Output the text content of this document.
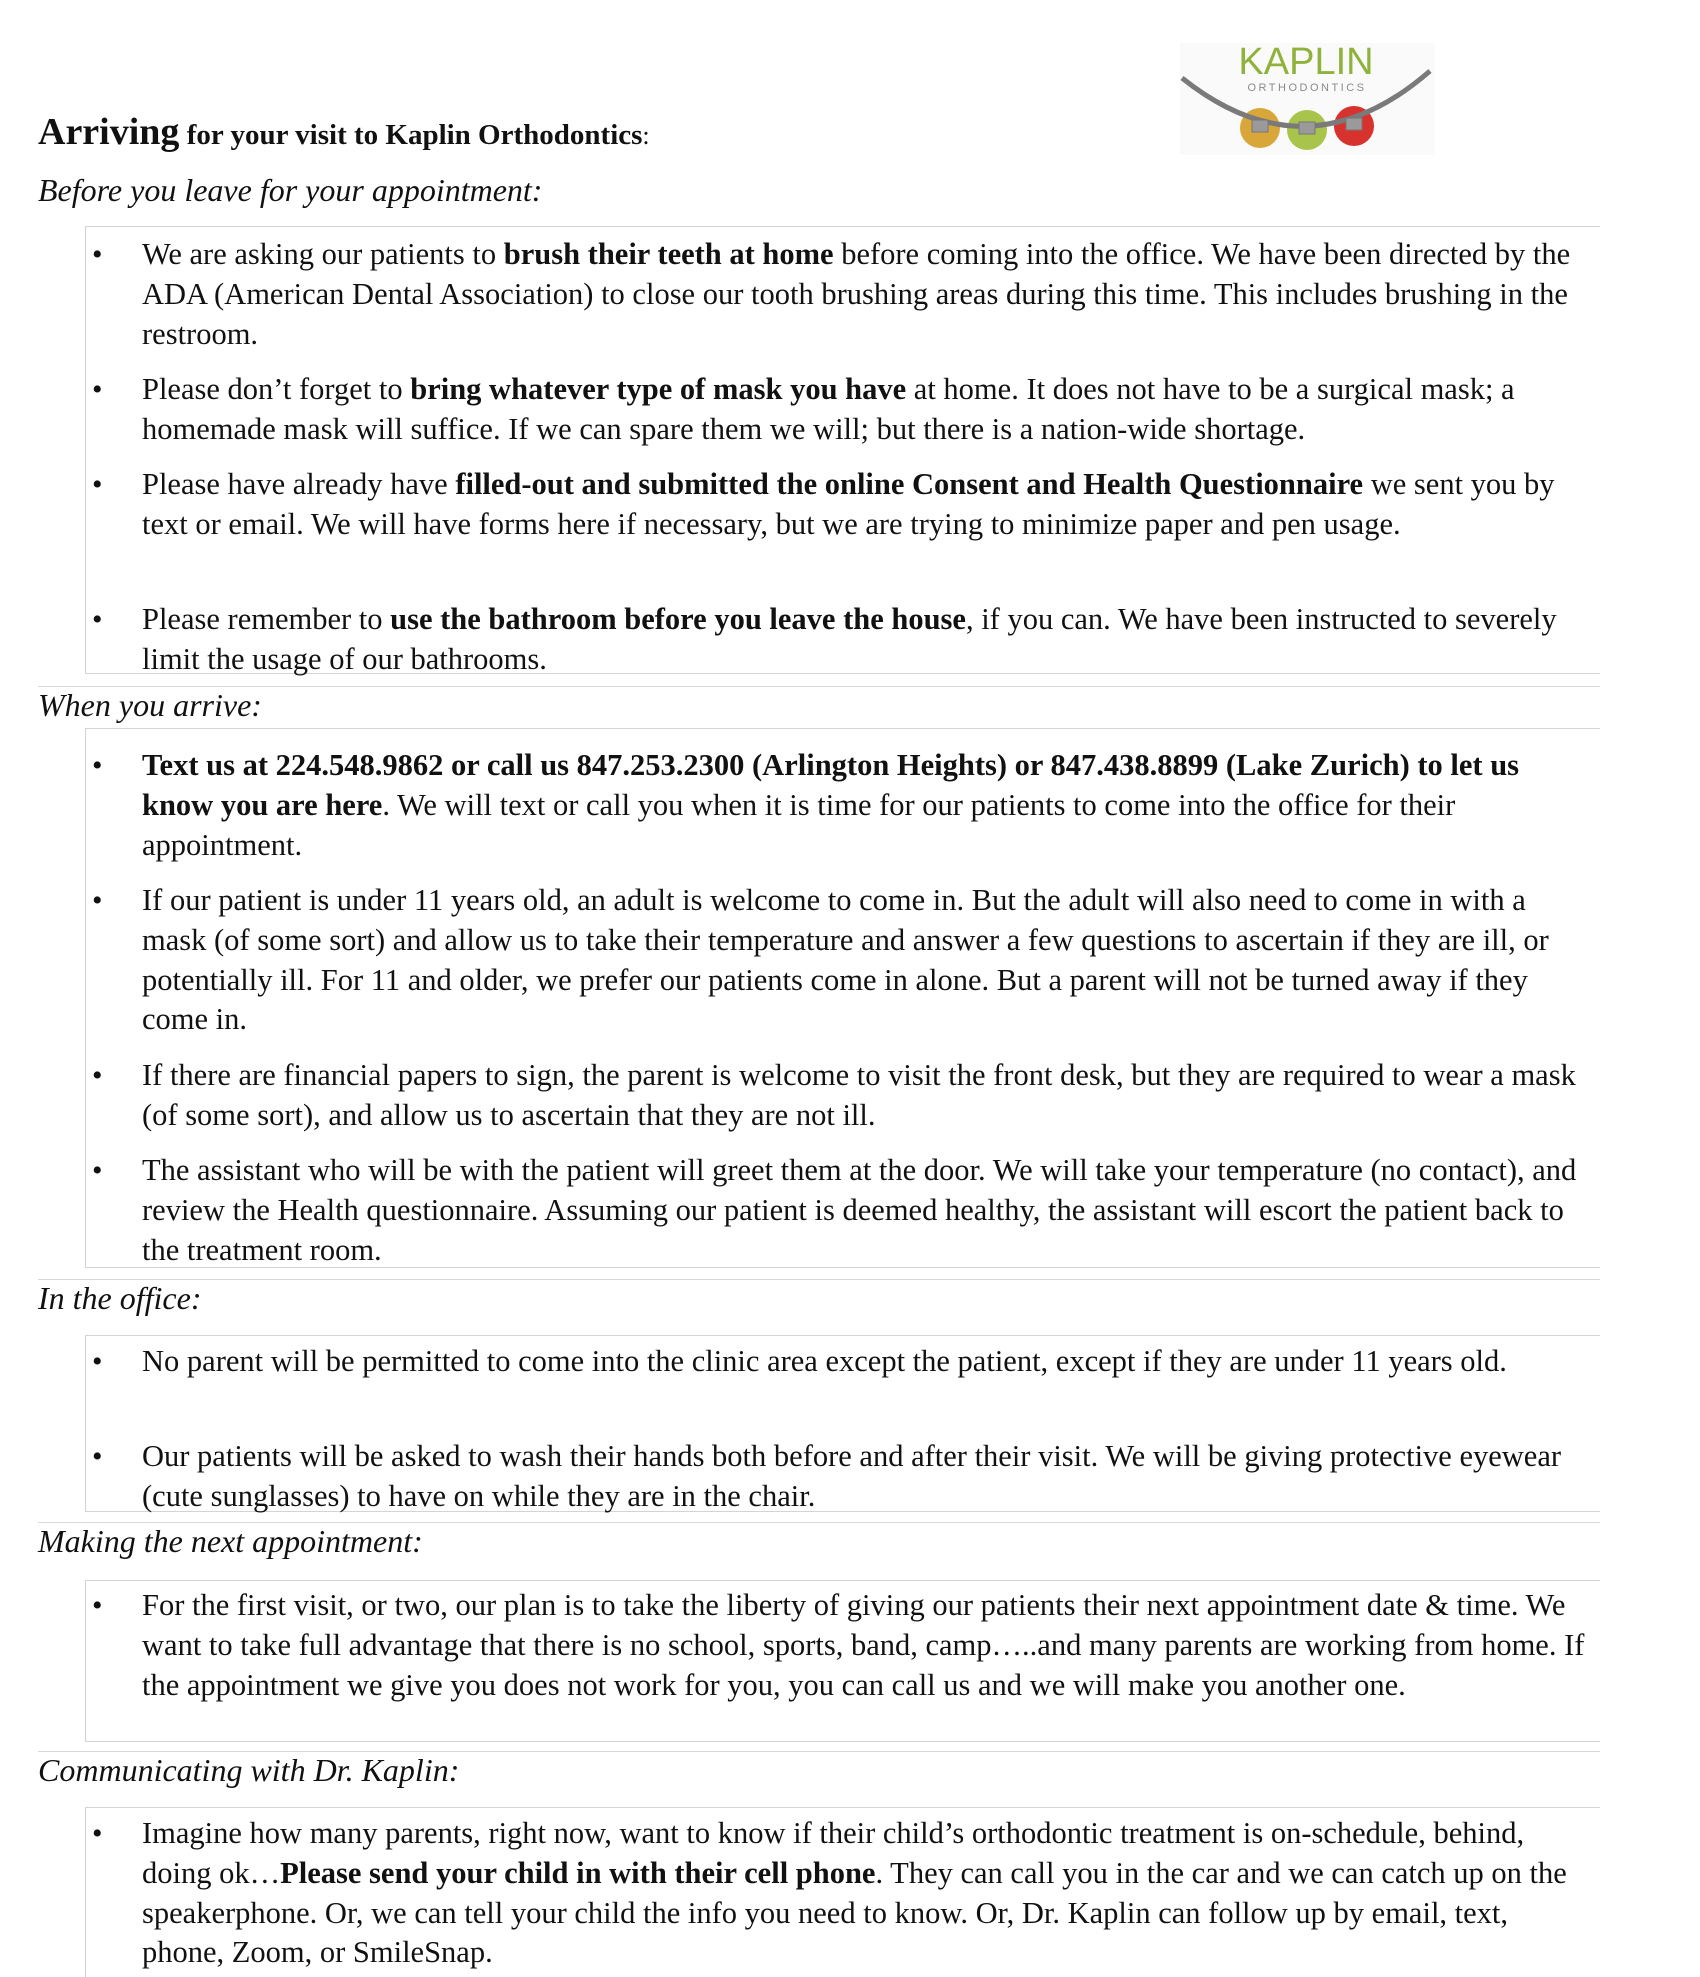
KAPLIN
ORTHODONTICS
Arriving for your visit to Kaplin Orthodontics:
Before you leave for your appointment:
When you arrive:
In the office:
Making the next appointment:
Communicating with Dr. Kaplin:
• We are asking our patients to brush their teeth at home before coming into the office. We have been directed by the ADA (American Dental Association) to close our tooth brushing areas during this time. This includes brushing in the restroom.
• Please don’t forget to bring whatever type of mask you have at home. It does not have to be a surgical mask; a homemade mask will suffice. If we can spare them we will; but there is a nation-wide shortage.
• Please have already have filled-out and submitted the online Consent and Health Questionnaire we sent you by text or email. We will have forms here if necessary, but we are trying to minimize paper and pen usage.
• Please remember to use the bathroom before you leave the house, if you can. We have been instructed to severely limit the usage of our bathrooms.
• Text us at 224.548.9862 or call us 847.253.2300 (Arlington Heights) or 847.438.8899 (Lake Zurich) to let us know you are here. We will text or call you when it is time for our patients to come into the office for their appointment.
• If our patient is under 11 years old, an adult is welcome to come in. But the adult will also need to come in with a mask (of some sort) and allow us to take their temperature and answer a few questions to ascertain if they are ill, or potentially ill. For 11 and older, we prefer our patients come in alone. But a parent will not be turned away if they come in.
• If there are financial papers to sign, the parent is welcome to visit the front desk, but they are required to wear a mask (of some sort), and allow us to ascertain that they are not ill.
• The assistant who will be with the patient will greet them at the door. We will take your temperature (no contact), and review the Health questionnaire. Assuming our patient is deemed healthy, the assistant will escort the patient back to the treatment room.
• No parent will be permitted to come into the clinic area except the patient, except if they are under 11 years old.
• Our patients will be asked to wash their hands both before and after their visit. We will be giving protective eyewear (cute sunglasses) to have on while they are in the chair.
• For the first visit, or two, our plan is to take the liberty of giving our patients their next appointment date & time. We want to take full advantage that there is no school, sports, band, camp…..and many parents are working from home. If the appointment we give you does not work for you, you can call us and we will make you another one.
• Imagine how many parents, right now, want to know if their child’s orthodontic treatment is on-schedule, behind, doing ok…Please send your child in with their cell phone. They can call you in the car and we can catch up on the speakerphone. Or, we can tell your child the info you need to know. Or, Dr. Kaplin can follow up by email, text, phone, Zoom, or SmileSnap.
